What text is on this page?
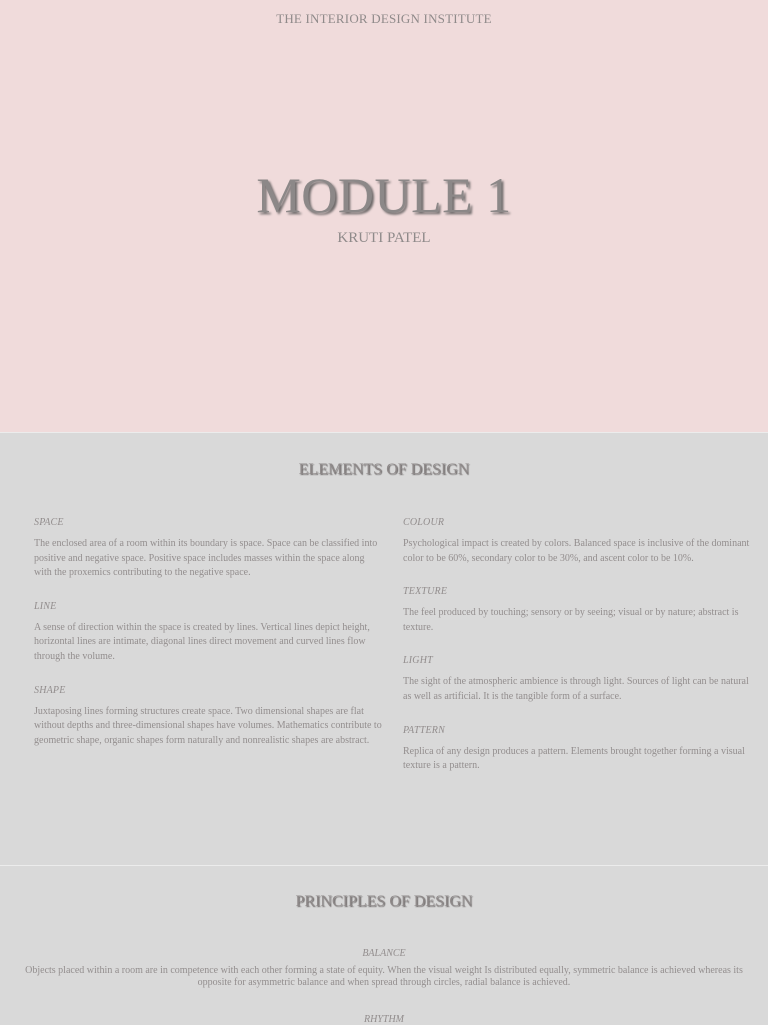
THE INTERIOR DESIGN INSTITUTE
MODULE 1
KRUTI PATEL
ELEMENTS OF DESIGN
SPACE
The enclosed area of a room within its boundary is space. Space can be classified into positive and negative space. Positive space includes masses within the space along with the proxemics contributing to the negative space.
LINE
A sense of direction within the space is created by lines. Vertical lines depict height, horizontal lines are intimate, diagonal lines direct movement and curved lines flow through the volume.
SHAPE
Juxtaposing lines forming structures create space. Two dimensional shapes are flat without depths and three-dimensional shapes have volumes. Mathematics contribute to geometric shape, organic shapes form naturally and nonrealistic shapes are abstract.
COLOUR
Psychological impact is created by colors. Balanced space is inclusive of the dominant color to be 60%, secondary color to be 30%, and ascent color to be 10%.
TEXTURE
The feel produced by touching; sensory or by seeing; visual or by nature; abstract is texture.
LIGHT
The sight of the atmospheric ambience is through light. Sources of light can be natural as well as artificial. It is the tangible form of a surface.
PATTERN
Replica of any design produces a pattern. Elements brought together forming a visual texture is a pattern.
PRINCIPLES OF DESIGN
BALANCE
Objects placed within a room are in competence with each other forming a state of equity. When the visual weight Is distributed equally, symmetric balance is achieved whereas its opposite for asymmetric balance and when spread through circles, radial balance is achieved.
RHYTHM
